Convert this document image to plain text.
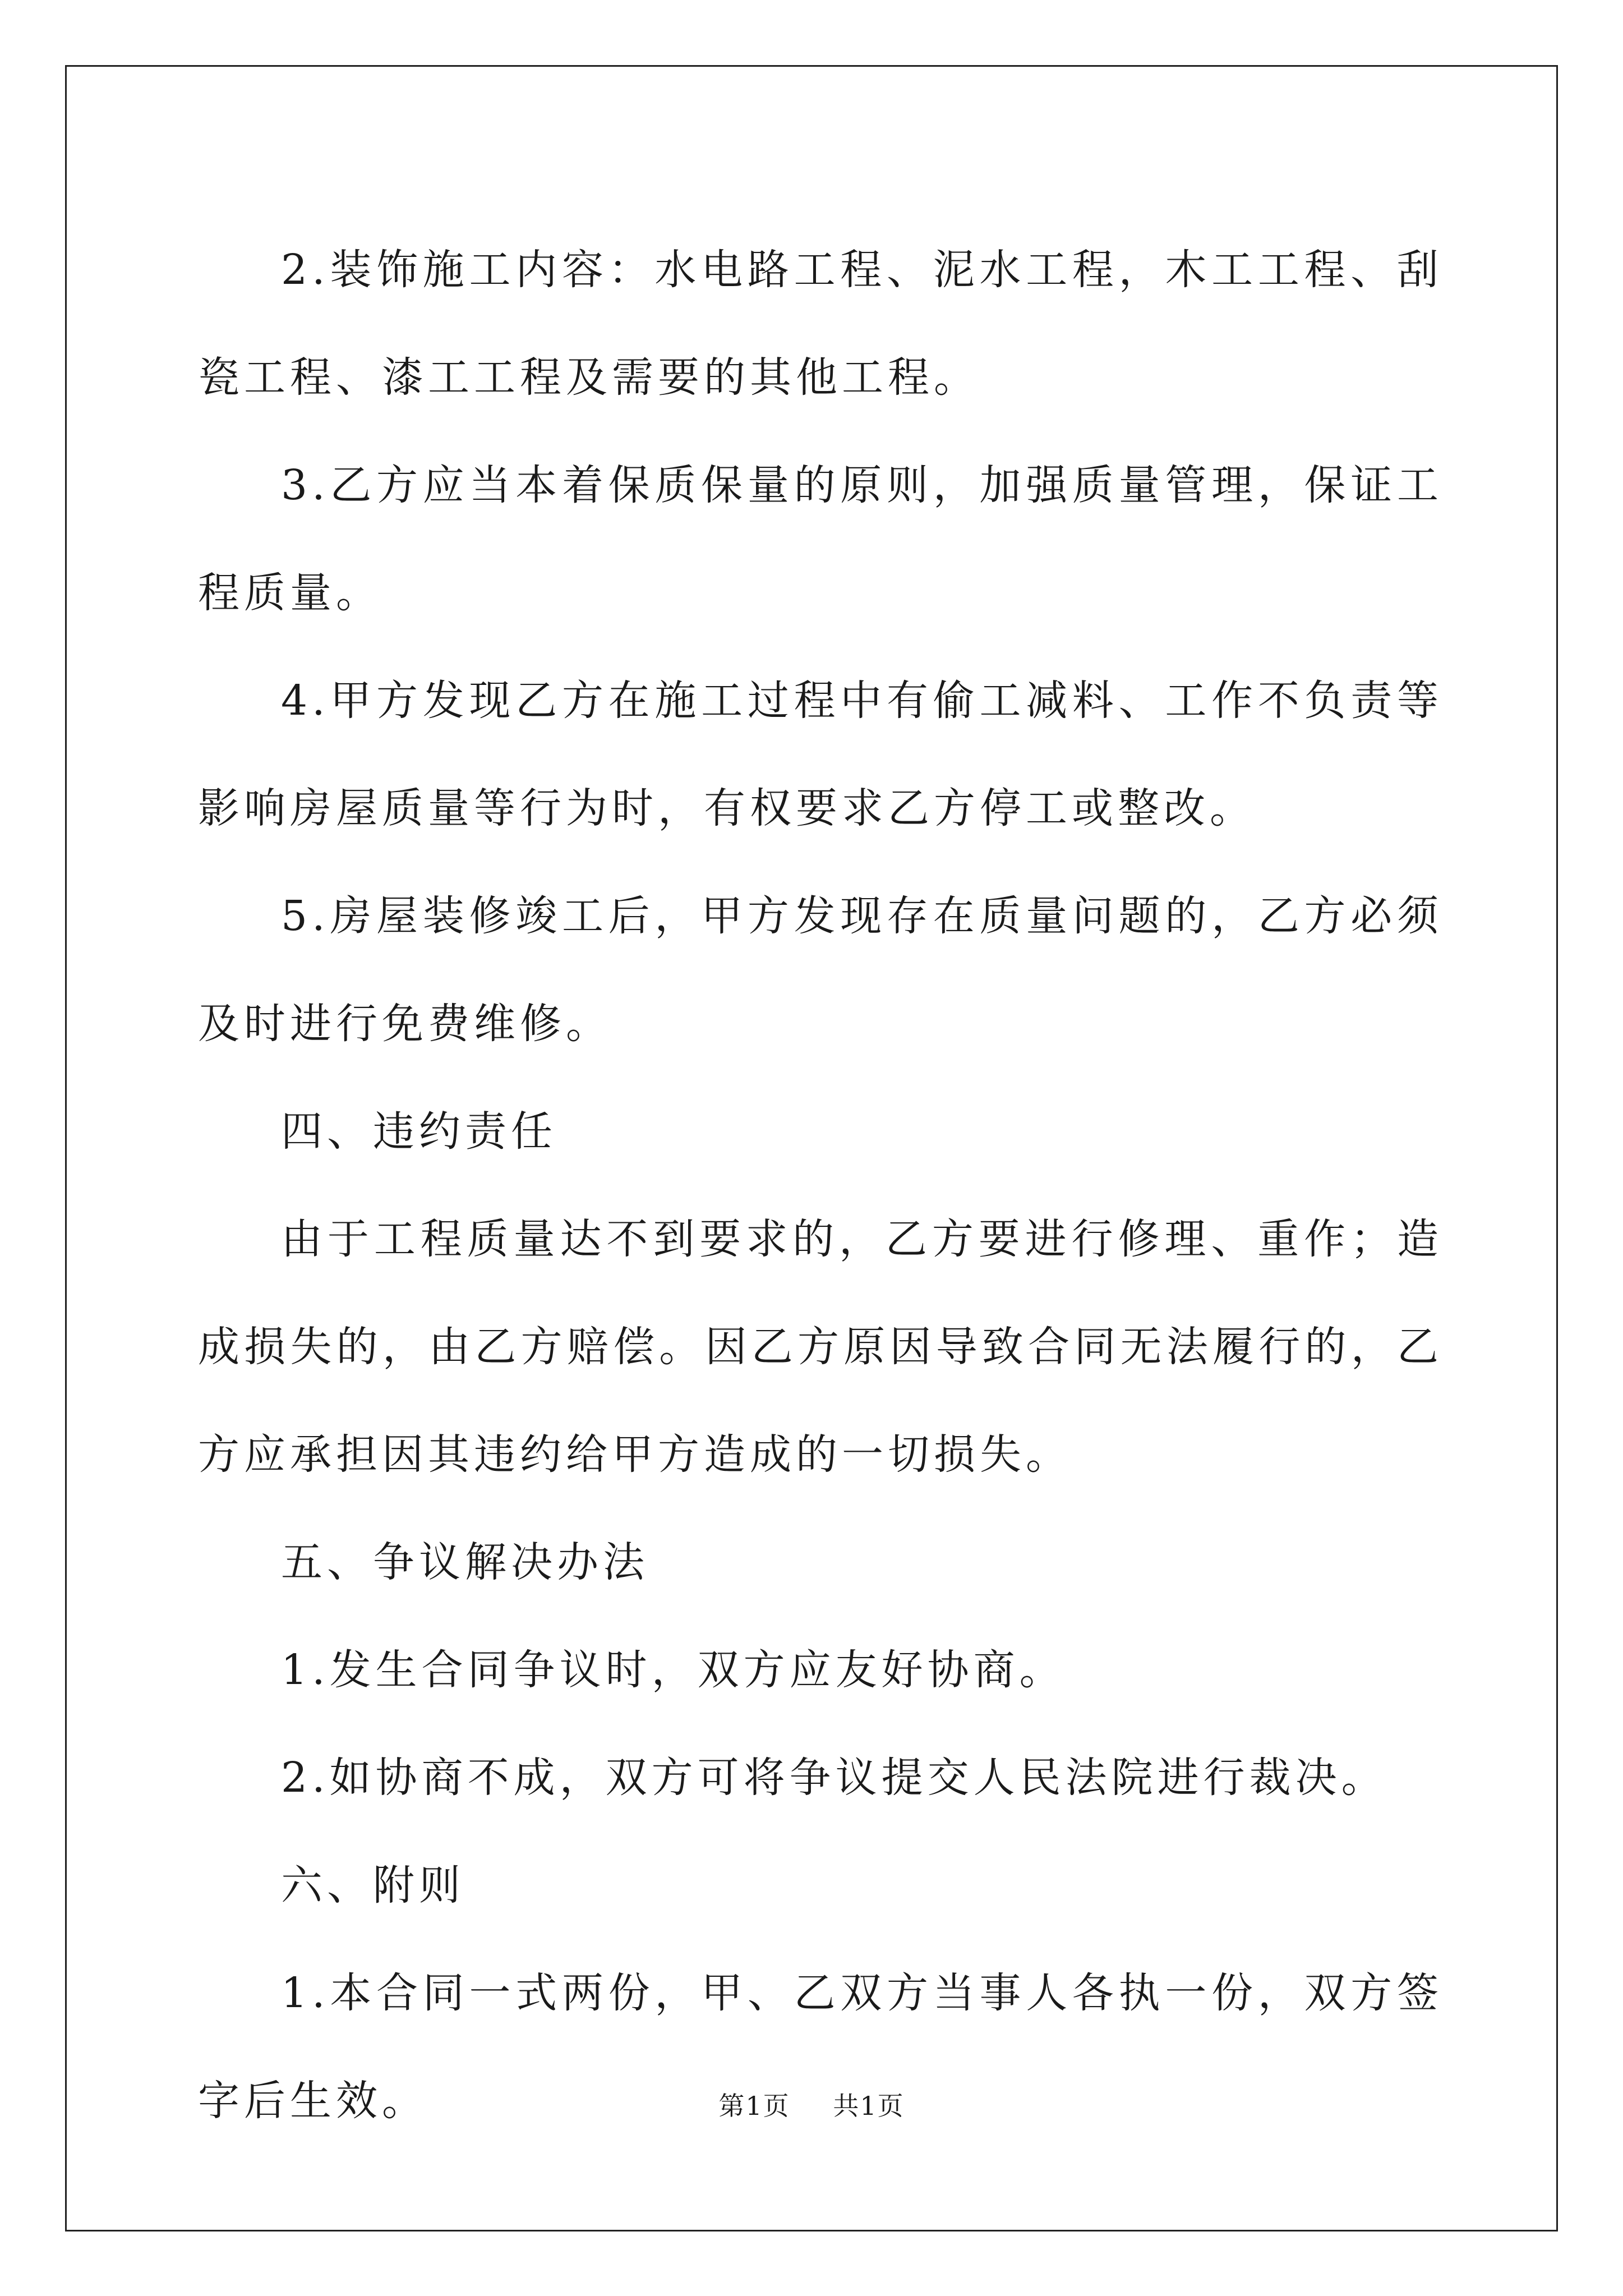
2.装饰施工内容：水电路工程、泥水工程，木工工程、刮瓷工程、漆工工程及需要的其他工程。

3.乙方应当本着保质保量的原则，加强质量管理，保证工程质量。

4.甲方发现乙方在施工过程中有偷工减料、工作不负责等影响房屋质量等行为时，有权要求乙方停工或整改。

5.房屋装修竣工后，甲方发现存在质量问题的，乙方必须及时进行免费维修。

四、违约责任

由于工程质量达不到要求的，乙方要进行修理、重作；造成损失的，由乙方赔偿。因乙方原因导致合同无法履行的，乙方应承担因其违约给甲方造成的一切损失。

五、争议解决办法

1.发生合同争议时，双方应友好协商。

2.如协商不成，双方可将争议提交人民法院进行裁决。

六、附则

1.本合同一式两份，甲、乙双方当事人各执一份，双方签字后生效。	第1页 共1页
